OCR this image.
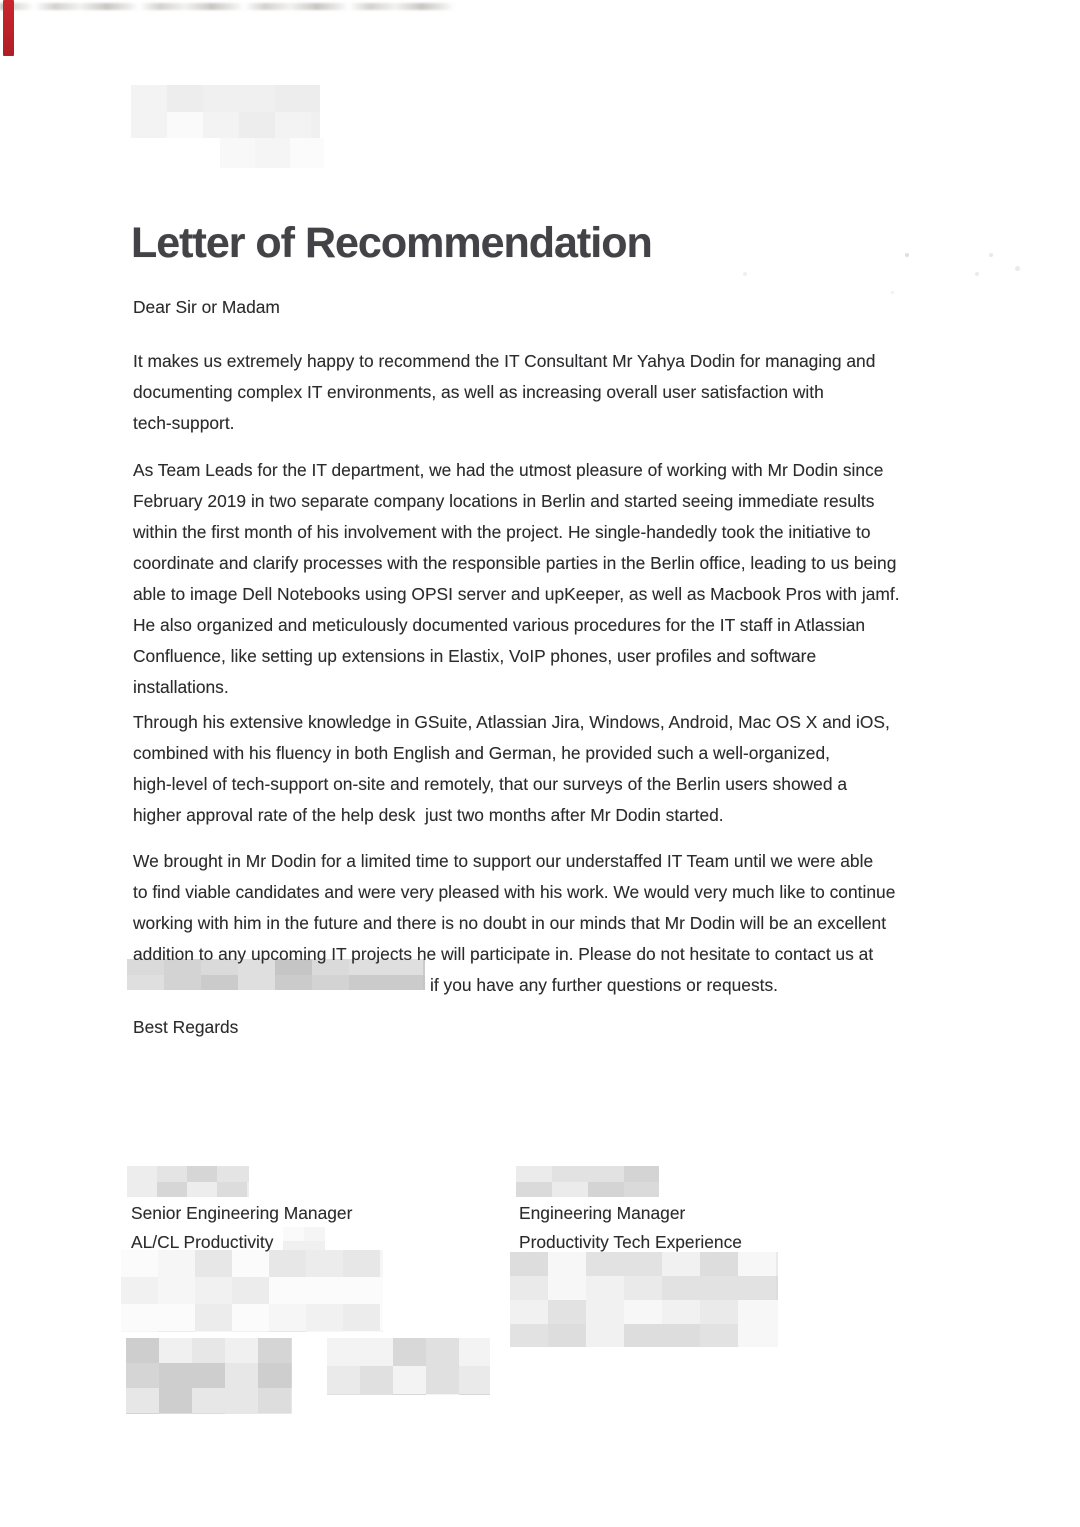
Letter of Recommendation
Dear Sir or Madam
It makes us extremely happy to recommend the IT Consultant Mr Yahya Dodin for managing and
documenting complex IT environments, as well as increasing overall user satisfaction with
tech-support.
As Team Leads for the IT department, we had the utmost pleasure of working with Mr Dodin since
February 2019 in two separate company locations in Berlin and started seeing immediate results
within the first month of his involvement with the project. He single-handedly took the initiative to
coordinate and clarify processes with the responsible parties in the Berlin office, leading to us being
able to image Dell Notebooks using OPSI server and upKeeper, as well as Macbook Pros with jamf.
He also organized and meticulously documented various procedures for the IT staff in Atlassian
Confluence, like setting up extensions in Elastix, VoIP phones, user profiles and software
installations.
Through his extensive knowledge in GSuite, Atlassian Jira, Windows, Android, Mac OS X and iOS,
combined with his fluency in both English and German, he provided such a well-organized,
high-level of tech-support on-site and remotely, that our surveys of the Berlin users showed a
higher approval rate of the help desk  just two months after Mr Dodin started.
We brought in Mr Dodin for a limited time to support our understaffed IT Team until we were able
to find viable candidates and were very pleased with his work. We would very much like to continue
working with him in the future and there is no doubt in our minds that Mr Dodin will be an excellent
addition to any upcoming IT projects he will participate in. Please do not hesitate to contact us at
if you have any further questions or requests.
Best Regards
Senior Engineering Manager
AL/CL Productivity
Engineering Manager
Productivity Tech Experience
